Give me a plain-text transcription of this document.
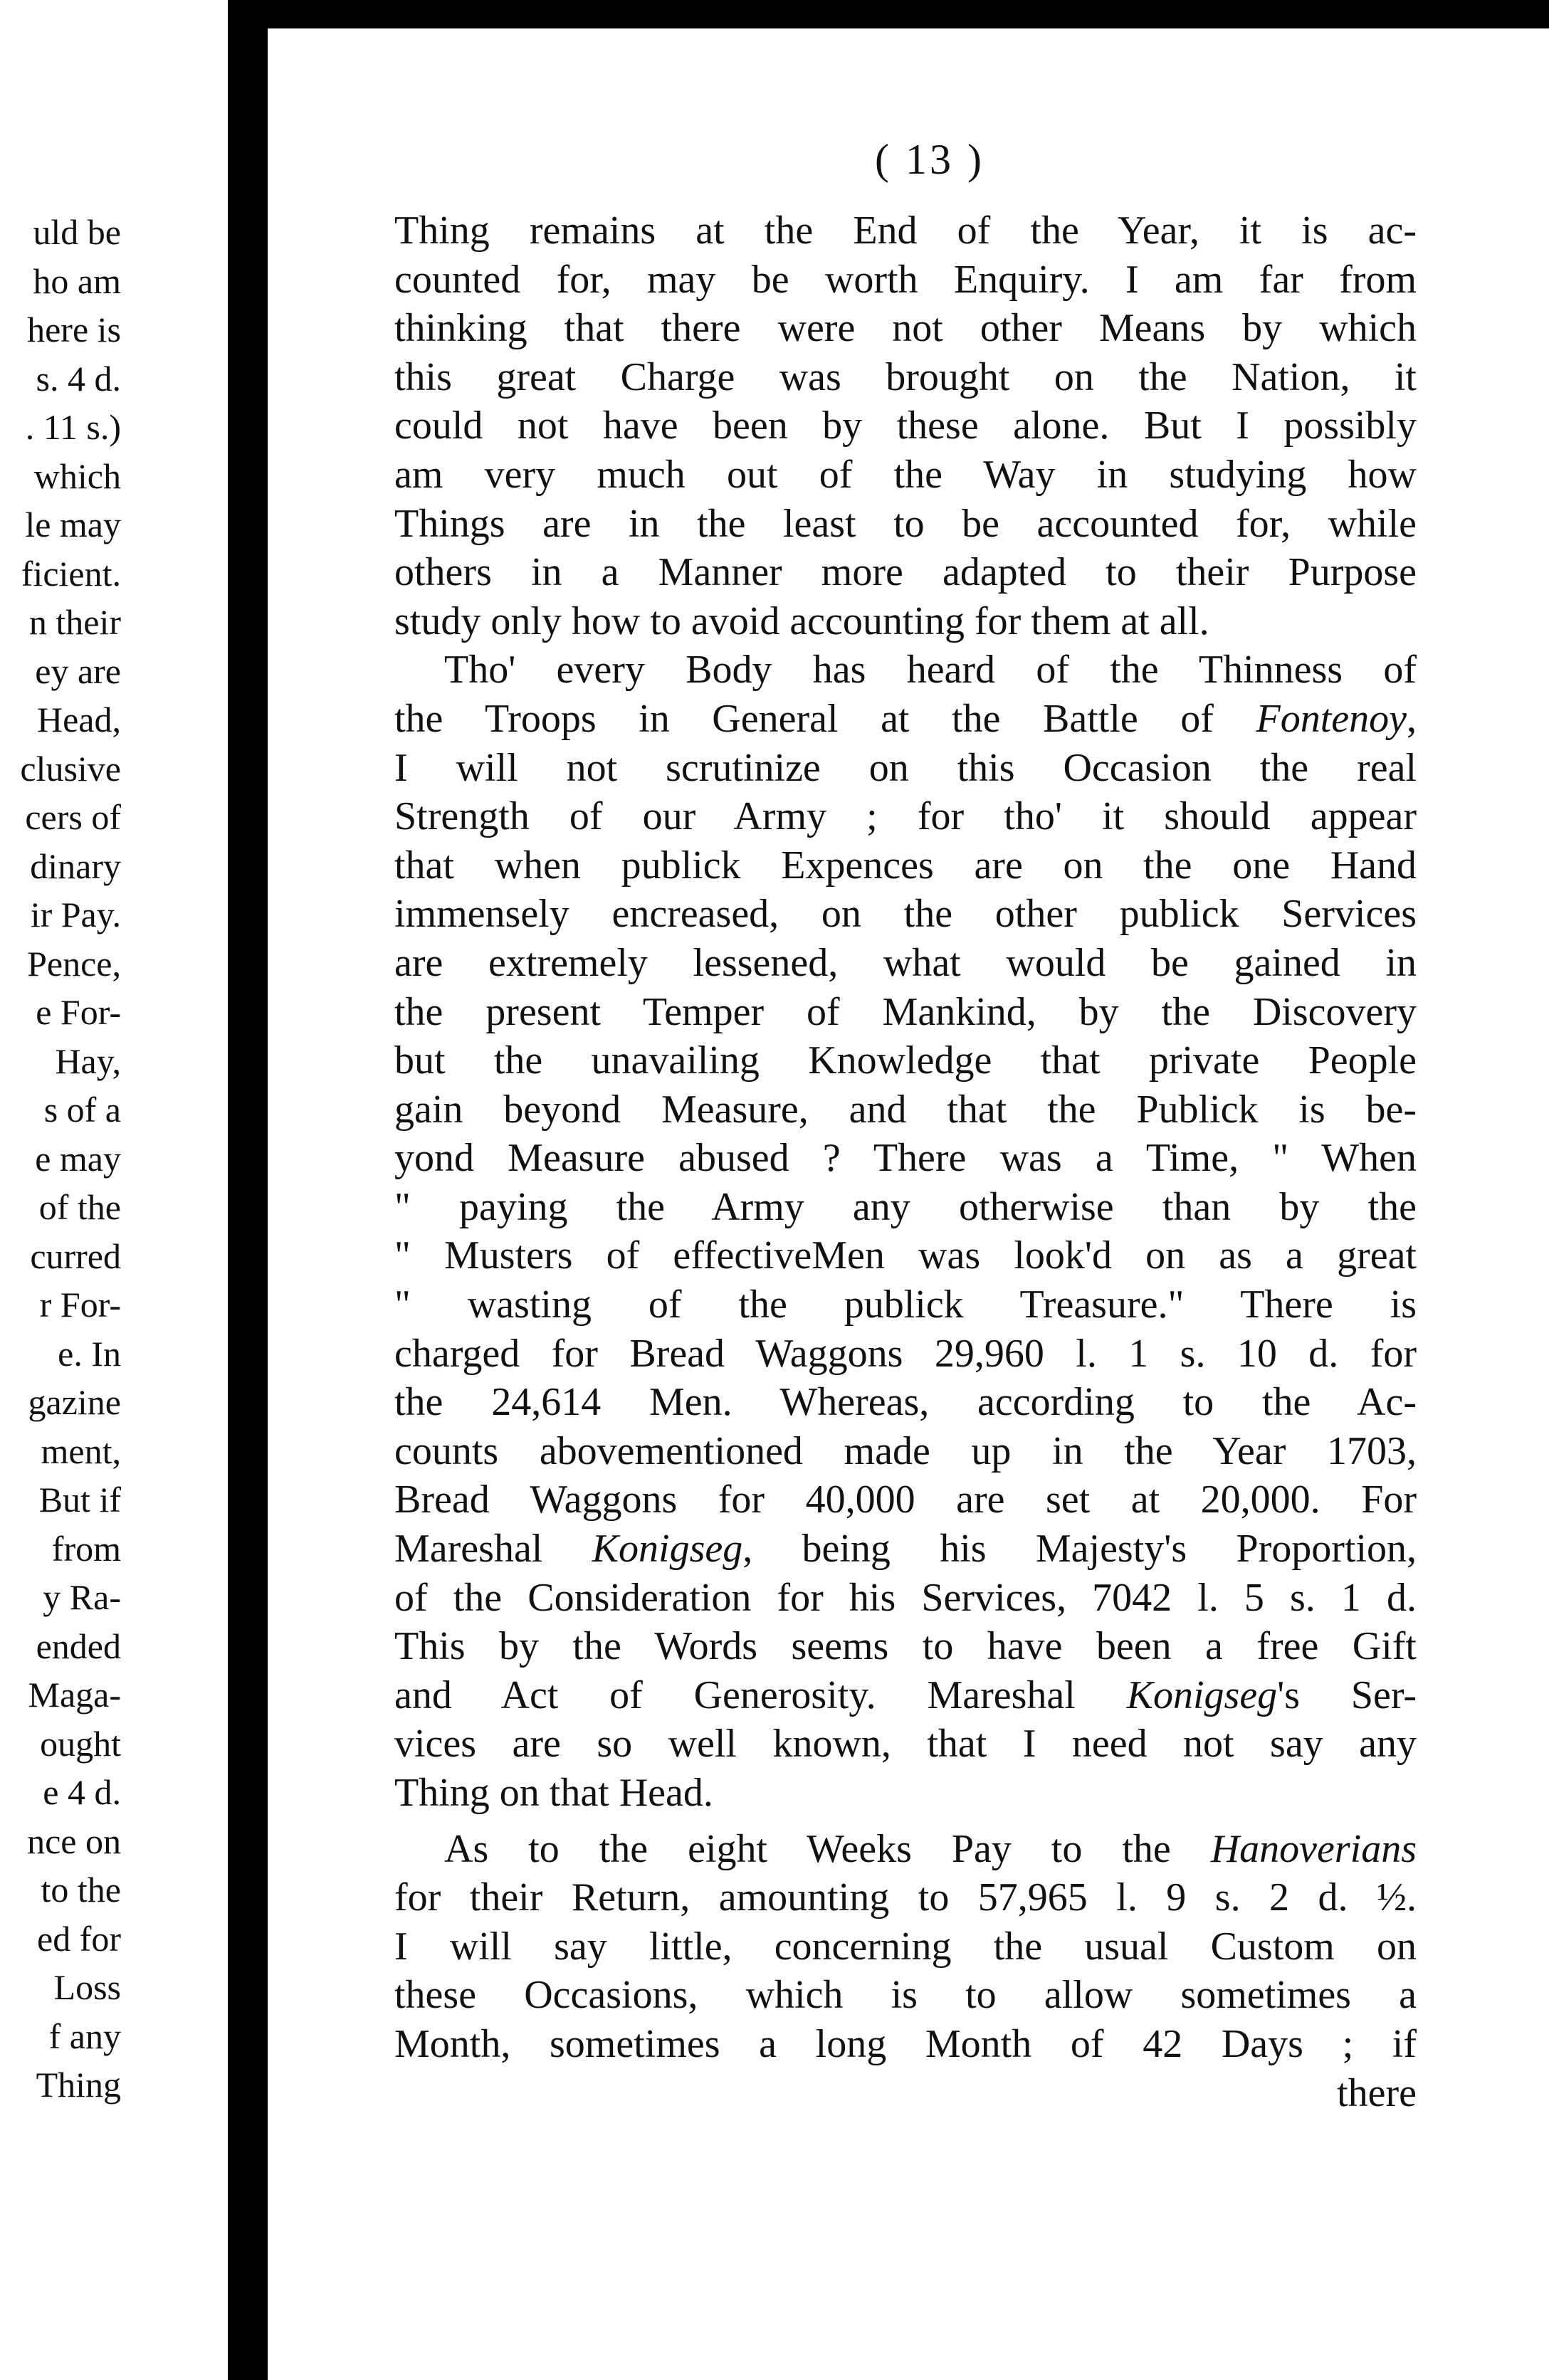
uld be
ho am
here is
s. 4 d.
. 11 s.)
which
le may
ficient.
n their
ey are
Head,
clusive
cers of
dinary
ir Pay.
Pence,
e For-
Hay,
s of a
e may
of the
curred
r For-
e. In
gazine
ment,
But if
from
y Ra-
ended
Maga-
ought
e 4 d.
nce on
to the
ed for
Loss
f any
Thing
( 13 )
Thing remains at the End of the Year, it is ac-
counted for, may be worth Enquiry. I am far from
thinking that there were not other Means by which
this great Charge was brought on the Nation, it
could not have been by these alone. But I possibly
am very much out of the Way in studying how
Things are in the least to be accounted for, while
others in a Manner more adapted to their Purpose
study only how to avoid accounting for them at all.
Tho' every Body has heard of the Thinness of
the Troops in General at the Battle of Fontenoy,
I will not scrutinize on this Occasion the real
Strength of our Army ; for tho' it should appear
that when publick Expences are on the one Hand
immensely encreased, on the other publick Services
are extremely lessened, what would be gained in
the present Temper of Mankind, by the Discovery
but the unavailing Knowledge that private People
gain beyond Measure, and that the Publick is be-
yond Measure abused ? There was a Time, " When
" paying the Army any otherwise than by the
" Musters of effectiveMen was look'd on as a great
" wasting of the publick Treasure." There is
charged for Bread Waggons 29,960 l. 1 s. 10 d. for
the 24,614 Men. Whereas, according to the Ac-
counts abovementioned made up in the Year 1703,
Bread Waggons for 40,000 are set at 20,000. For
Mareshal Konigseg, being his Majesty's Proportion,
of the Consideration for his Services, 7042 l. 5 s. 1 d.
This by the Words seems to have been a free Gift
and Act of Generosity. Mareshal Konigseg's Ser-
vices are so well known, that I need not say any
Thing on that Head.
As to the eight Weeks Pay to the Hanoverians
for their Return, amounting to 57,965 l. 9 s. 2 d. ½.
I will say little, concerning the usual Custom on
these Occasions, which is to allow sometimes a
Month, sometimes a long Month of 42 Days ; if
there
